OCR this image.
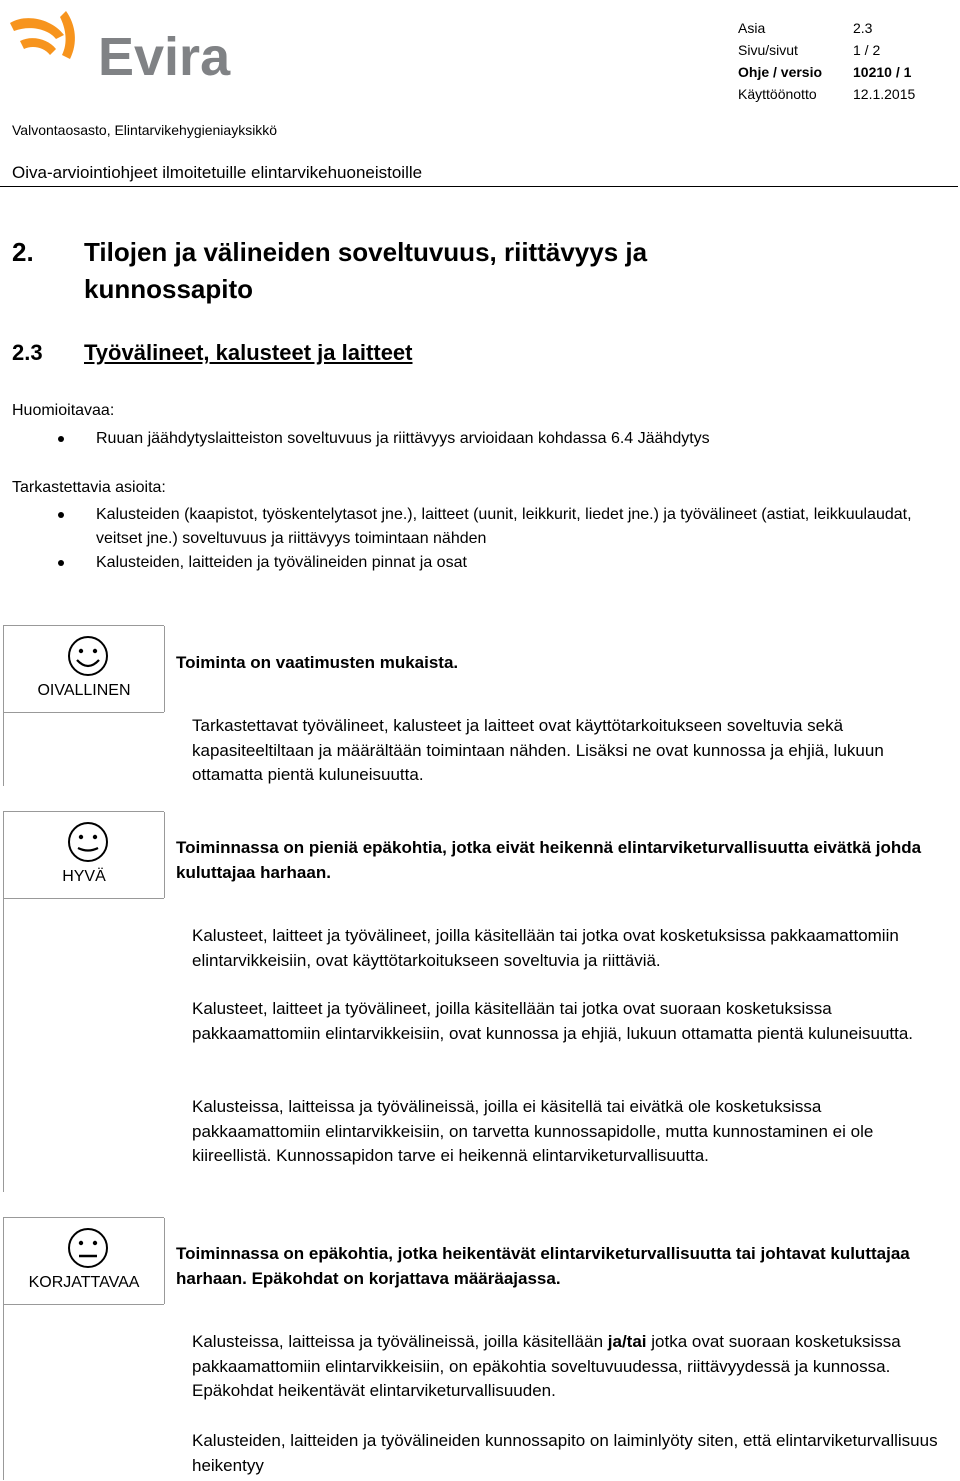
Evira	Asia	2.3
Sivu/sivut	1 / 2
Ohje / versio	10210 / 1
Käyttöönotto	12.1.2015
Valvontaosasto, Elintarvikehygieniayksikkö
Oiva-arviointiohjeet ilmoitetuille elintarvikehuoneistoille
2. Tilojen ja välineiden soveltuvuus, riittävyys ja kunnossapito
2.3 Työvälineet, kalusteet ja laitteet
Huomioitavaa:
Ruuan jäähdytyslaitteiston soveltuvuus ja riittävyys arvioidaan kohdassa 6.4 Jäähdytys
Tarkastettavia asioita:
Kalusteiden (kaapistot, työskentelytasot jne.), laitteet (uunit, leikkurit, liedet jne.) ja työvälineet (astiat, leikkuulaudat, veitset jne.) soveltuvuus ja riittävyys toimintaan nähden
Kalusteiden, laitteiden ja työvälineiden pinnat ja osat
OIVALLINEN
Toiminta on vaatimusten mukaista.
Tarkastettavat työvälineet, kalusteet ja laitteet ovat käyttötarkoitukseen soveltuvia sekä kapasiteeltiltaan ja määrältään toimintaan nähden. Lisäksi ne ovat kunnossa ja ehjiä, lukuun ottamatta pientä kuluneisuutta.
HYVÄ
Toiminnassa on pieniä epäkohtia, jotka eivät heikennä elintarviketurvallisuutta eivätkä johda kuluttajaa harhaan.
Kalusteet, laitteet ja työvälineet, joilla käsitellään tai jotka ovat kosketuksissa pakkaamattomiin elintarvikkeisiin, ovat käyttötarkoitukseen soveltuvia ja riittäviä.
Kalusteet, laitteet ja työvälineet, joilla käsitellään tai jotka ovat suoraan kosketuksissa pakkaamattomiin elintarvikkeisiin, ovat kunnossa ja ehjiä, lukuun ottamatta pientä kuluneisuutta.
Kalusteissa, laitteissa ja työvälineissä, joilla ei käsitellä tai eivätkä ole kosketuksissa pakkaamattomiin elintarvikkeisiin, on tarvetta kunnossapidolle, mutta kunnostaminen ei ole kiireellistä. Kunnossapidon tarve ei heikennä elintarviketurvallisuutta.
KORJATTAVAA
Toiminnassa on epäkohtia, jotka heikentävät elintarviketurvallisuutta tai johtavat kuluttajaa harhaan. Epäkohdat on korjattava määräajassa.
Kalusteissa, laitteissa ja työvälineissä, joilla käsitellään ja/tai jotka ovat suoraan kosketuksissa pakkaamattomiin elintarvikkeisiin, on epäkohtia soveltuvuudessa, riittävyydessä ja kunnossa. Epäkohdat heikentävät elintarviketurvallisuuden.
Kalusteiden, laitteiden ja työvälineiden kunnossapito on laiminlyöty siten, että elintarviketurvallisuus heikentyy
